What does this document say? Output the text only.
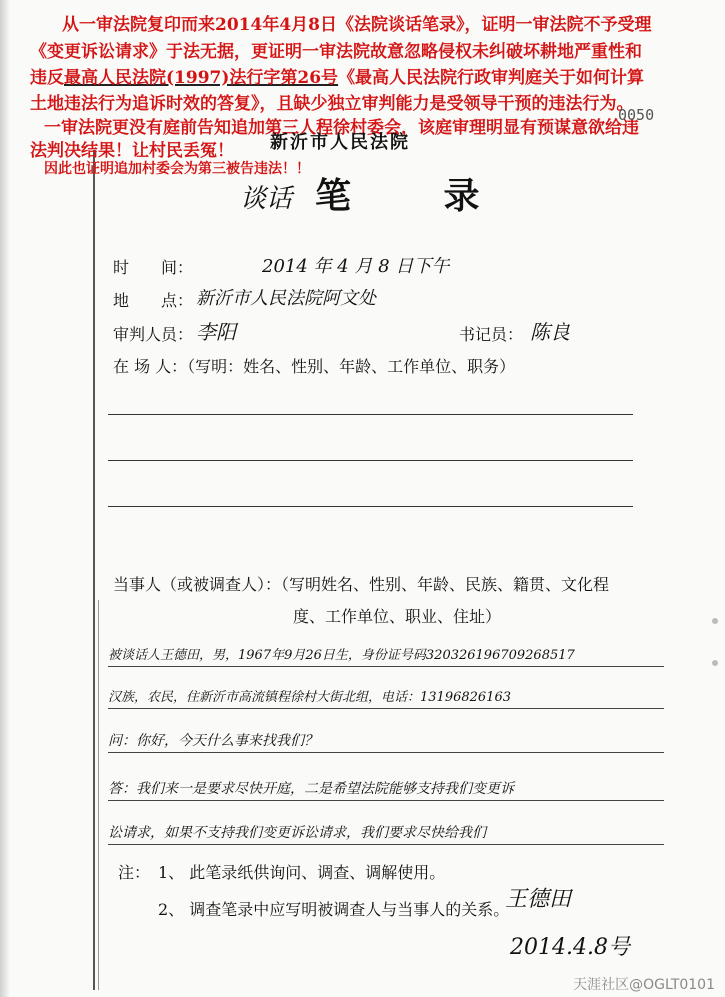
从一审法院复印而来2014年4月8日《法院谈话笔录》，证明一审法院不予受理
《变更诉讼请求》于法无据，更证明一审法院故意忽略侵权未纠破坏耕地严重性和
违反最高人民法院(1997)法行字第26号《最高人民法院行政审判庭关于如何计算
土地违法行为追诉时效的答复》，且缺少独立审判能力是受领导干预的违法行为。
一审法院更没有庭前告知追加第三人程徐村委会，该庭审理明显有预谋意欲给违
法判决结果！让村民丢冤！
因此也证明追加村委会为第三被告违法！！
新沂市人民法院
0050
谈话 笔 录
时　　间：	2014 年 4 月 8 日下午
地　　点： 新沂市人民法院阿文处
审判人员： 李阳	书记员： 陈良
在 场 人：（写明：姓名、性别、年龄、工作单位、职务）
当事人（或被调查人）：（写明姓名、性别、年龄、民族、籍贯、文化程
度、工作单位、职业、住址）
被谈话人王德田，男，1967年9月26日生，身份证号码320326196709268517
汉族，农民，住新沂市高流镇程徐村大街北组，电话：13196826163
问：你好，今天什么事来找我们？
答：我们来一是要求尽快开庭，二是希望法院能够支持我们变更诉
讼请求，如果不支持我们变更诉讼请求，我们要求尽快给我们
注： 1、 此笔录纸供询问、调查、调解使用。
2、 调查笔录中应写明被调查人与当事人的关系。
王德田
2014.4.8号
天涯社区@OGLT0101
